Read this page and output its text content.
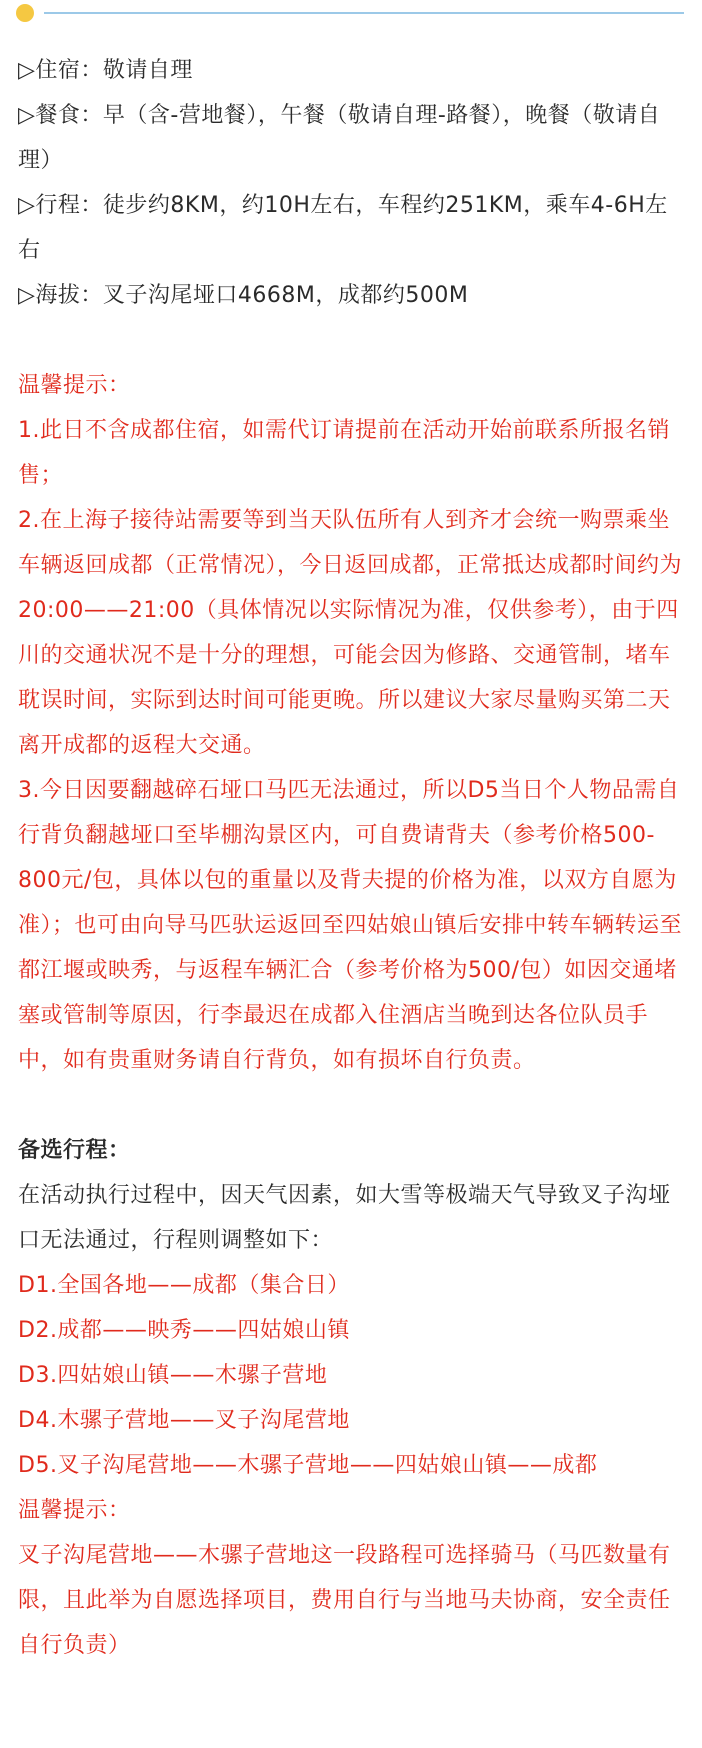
▷住宿：敬请自理

▷餐食：早（含-营地餐），午餐（敬请自理-路餐），晚餐（敬请自理）

▷行程：徒步约8KM，约10H左右，车程约251KM，乘车4-6H左右

▷海拔：叉子沟尾垭口4668M，成都约500M

温馨提示：

1.此日不含成都住宿，如需代订请提前在活动开始前联系所报名销售；

2.在上海子接待站需要等到当天队伍所有人到齐才会统一购票乘坐车辆返回成都（正常情况），今日返回成都，正常抵达成都时间约为20:00——21:00（具体情况以实际情况为准，仅供参考），由于四川的交通状况不是十分的理想，可能会因为修路、交通管制，堵车耽误时间，实际到达时间可能更晚。所以建议大家尽量购买第二天离开成都的返程大交通。

3.今日因要翻越碎石垭口马匹无法通过，所以D5当日个人物品需自行背负翻越垭口至毕棚沟景区内，可自费请背夫（参考价格500-800元/包，具体以包的重量以及背夫提的价格为准，以双方自愿为准）；也可由向导马匹驮运返回至四姑娘山镇后安排中转车辆转运至都江堰或映秀，与返程车辆汇合（参考价格为500/包）如因交通堵塞或管制等原因，行李最迟在成都入住酒店当晚到达各位队员手中，如有贵重财务请自行背负，如有损坏自行负责。

备选行程：

在活动执行过程中，因天气因素，如大雪等极端天气导致叉子沟垭口无法通过，行程则调整如下：

D1.全国各地——成都（集合日）

D2.成都——映秀——四姑娘山镇

D3.四姑娘山镇——木骡子营地

D4.木骡子营地——叉子沟尾营地

D5.叉子沟尾营地——木骡子营地——四姑娘山镇——成都

温馨提示：

叉子沟尾营地——木骡子营地这一段路程可选择骑马（马匹数量有限，且此举为自愿选择项目，费用自行与当地马夫协商，安全责任自行负责）
